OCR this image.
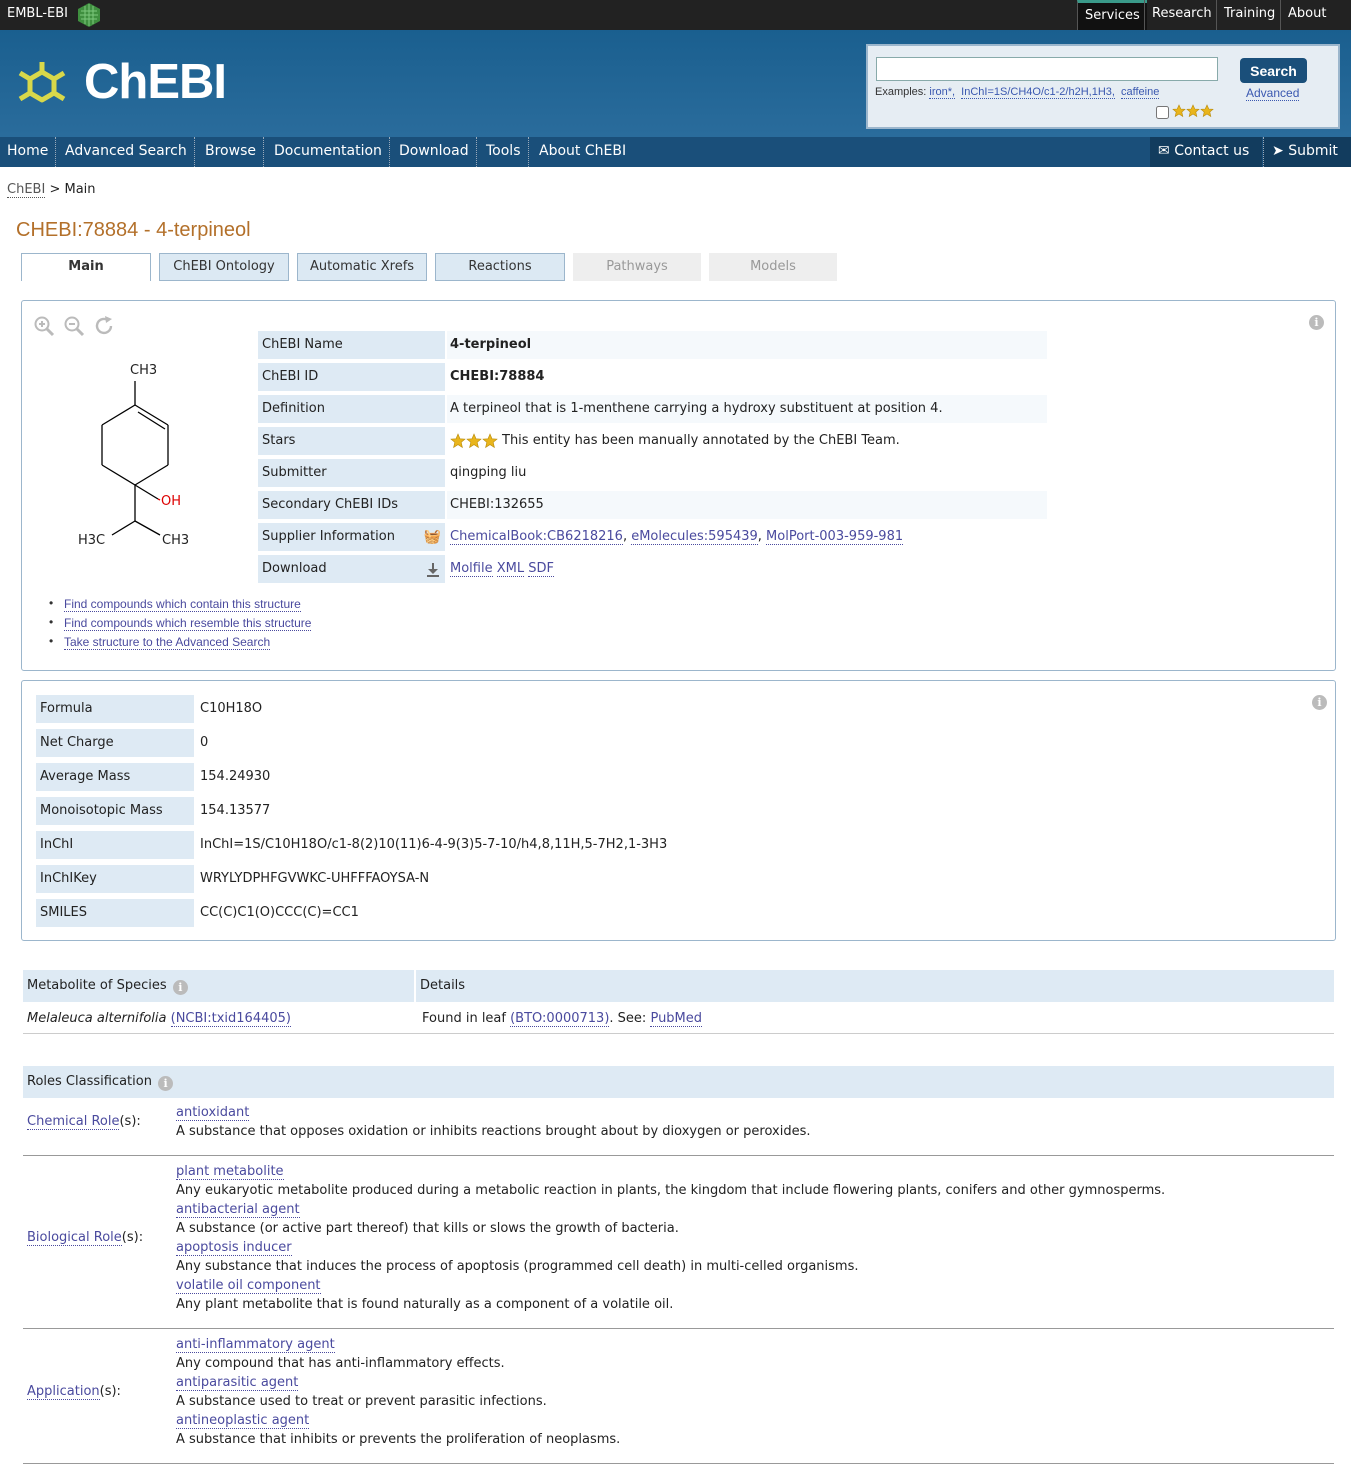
EMBL-EBI	Services Research Training About
ChEBI	Search
Examples: iron*, InChI=1S/CH4O/c1-2/h2H,1H3, caffeine	Advanced
Home	Advanced Search	Browse	Documentation	Download	Tools	About ChEBI	✉ Contact us	➤ Submit
ChEBI > Main
CHEBI:78884 - 4-terpineol
Main	ChEBI Ontology	Automatic Xrefs	Reactions	Pathways	Models
i
CH3
OH
H3C	CH3
ChEBI Name	4-terpineol
ChEBI ID	CHEBI:78884
Definition	A terpineol that is 1-menthene carrying a hydroxy substituent at position 4.
Stars	This entity has been manually annotated by the ChEBI Team.
Submitter	qingping liu
Secondary ChEBI IDs	CHEBI:132655
Supplier Information 🧺 ChemicalBook:CB6218216, eMolecules:595439, MolPort-003-959-981
Download	Molfile XML SDF
• Find compounds which contain this structure
• Find compounds which resemble this structure
• Take structure to the Advanced Search
i
Formula	C10H18O
Net Charge	0
Average Mass	154.24930
Monoisotopic Mass	154.13577
InChI	InChI=1S/C10H18O/c1-8(2)10(11)6-4-9(3)5-7-10/h4,8,11H,5-7H2,1-3H3
InChIKey	WRYLYDPHFGVWKC-UHFFFAOYSA-N
SMILES	CC(C)C1(O)CCC(C)=CC1
Metabolite of Species i	Details
Melaleuca alternifolia (NCBI:txid164405)	Found in leaf (BTO:0000713). See: PubMed
Roles Classification i
Chemical Role(s):
antioxidant
A substance that opposes oxidation or inhibits reactions brought about by dioxygen or peroxides.
Biological Role(s):
plant metabolite
Any eukaryotic metabolite produced during a metabolic reaction in plants, the kingdom that include flowering plants, conifers and other gymnosperms.
antibacterial agent
A substance (or active part thereof) that kills or slows the growth of bacteria.
apoptosis inducer
Any substance that induces the process of apoptosis (programmed cell death) in multi-celled organisms.
volatile oil component
Any plant metabolite that is found naturally as a component of a volatile oil.
Application(s):
anti-inflammatory agent
Any compound that has anti-inflammatory effects.
antiparasitic agent
A substance used to treat or prevent parasitic infections.
antineoplastic agent
A substance that inhibits or prevents the proliferation of neoplasms.
